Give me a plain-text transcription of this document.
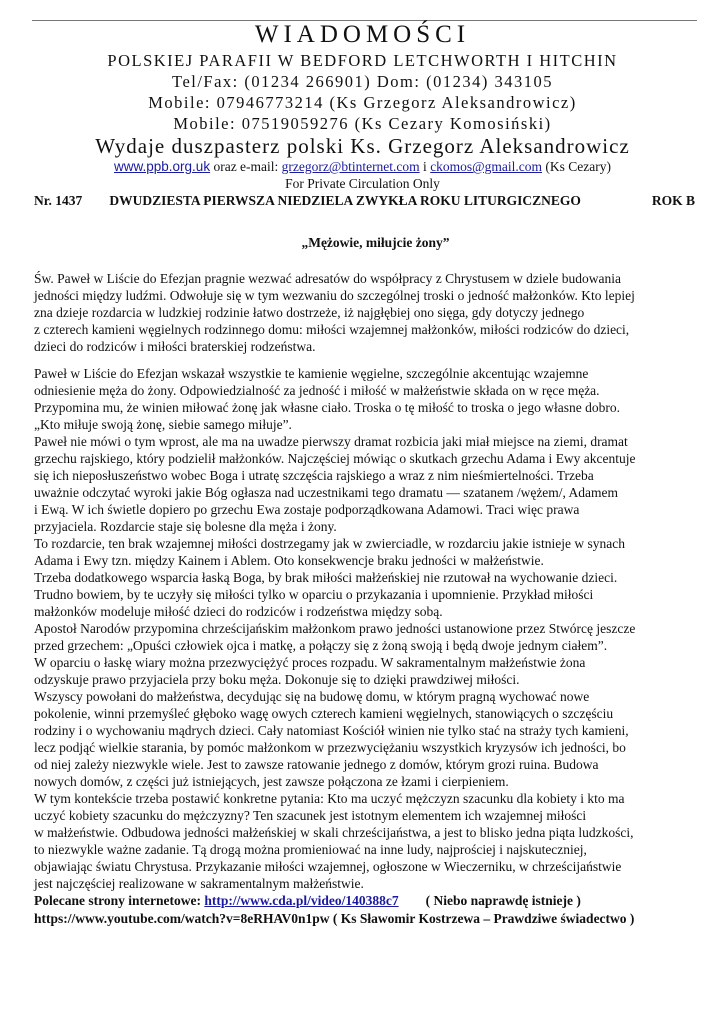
WIADOMOŚCI
POLSKIEJ PARAFII W BEDFORD LETCHWORTH I HITCHIN
Tel/Fax: (01234 266901) Dom: (01234) 343105
Mobile: 07946773214 (Ks Grzegorz Aleksandrowicz)
Mobile: 07519059276 (Ks Cezary Komosiński)
Wydaje duszpasterz polski Ks. Grzegorz Aleksandrowicz
www.ppb.org.uk oraz e-mail: grzegorz@btinternet.com i ckomos@gmail.com (Ks Cezary)
For Private Circulation Only
Nr. 1437 DWUDZIESTA PIERWSZA NIEDZIELA ZWYKŁA ROKU LITURGICZNEGO	ROK B
„Mężowie, miłujcie żony”

Św. Paweł w Liście do Efezjan pragnie wezwać adresatów do współpracy z Chrystusem w dziele budowania

jedności między ludźmi. Odwołuje się w tym wezwaniu do szczególnej troski o jedność małżonków. Kto lepiej

zna dzieje rozdarcia w ludzkiej rodzinie łatwo dostrzeże, iż najgłębiej ono sięga, gdy dotyczy jednego

z czterech kamieni węgielnych rodzinnego domu: miłości wzajemnej małżonków, miłości rodziców do dzieci,

dzieci do rodziców i miłości braterskiej rodzeństwa.

Paweł w Liście do Efezjan wskazał wszystkie te kamienie węgielne, szczególnie akcentując wzajemne

odniesienie męża do żony. Odpowiedzialność za jedność i miłość w małżeństwie składa on w ręce męża.

Przypomina mu, że winien miłować żonę jak własne ciało. Troska o tę miłość to troska o jego własne dobro.

„Kto miłuje swoją żonę, siebie samego miłuje”.

Paweł nie mówi o tym wprost, ale ma na uwadze pierwszy dramat rozbicia jaki miał miejsce na ziemi, dramat

grzechu rajskiego, który podzielił małżonków. Najczęściej mówiąc o skutkach grzechu Adama i Ewy akcentuje

się ich nieposłuszeństwo wobec Boga i utratę szczęścia rajskiego a wraz z nim nieśmiertelności. Trzeba

uważnie odczytać wyroki jakie Bóg ogłasza nad uczestnikami tego dramatu — szatanem /wężem/, Adamem

i Ewą. W ich świetle dopiero po grzechu Ewa zostaje podporządkowana Adamowi. Traci więc prawa

przyjaciela. Rozdarcie staje się bolesne dla męża i żony.

To rozdarcie, ten brak wzajemnej miłości dostrzegamy jak w zwierciadle, w rozdarciu jakie istnieje w synach

Adama i Ewy tzn. między Kainem i Ablem. Oto konsekwencje braku jedności w małżeństwie.

Trzeba dodatkowego wsparcia łaską Boga, by brak miłości małżeńskiej nie rzutował na wychowanie dzieci.

Trudno bowiem, by te uczyły się miłości tylko w oparciu o przykazania i upomnienie. Przykład miłości

małżonków modeluje miłość dzieci do rodziców i rodzeństwa między sobą.

Apostoł Narodów przypomina chrześcijańskim małżonkom prawo jedności ustanowione przez Stwórcę jeszcze

przed grzechem: „Opuści człowiek ojca i matkę, a połączy się z żoną swoją i będą dwoje jednym ciałem”.

W oparciu o łaskę wiary można przezwyciężyć proces rozpadu. W sakramentalnym małżeństwie żona

odzyskuje prawo przyjaciela przy boku męża. Dokonuje się to dzięki prawdziwej miłości.

Wszyscy powołani do małżeństwa, decydując się na budowę domu, w którym pragną wychować nowe

pokolenie, winni przemyśleć głęboko wagę owych czterech kamieni węgielnych, stanowiących o szczęściu

rodziny i o wychowaniu mądrych dzieci. Cały natomiast Kościół winien nie tylko stać na straży tych kamieni,

lecz podjąć wielkie starania, by pomóc małżonkom w przezwyciężaniu wszystkich kryzysów ich jedności, bo

od niej zależy niezwykle wiele. Jest to zawsze ratowanie jednego z domów, którym grozi ruina. Budowa

nowych domów, z części już istniejących, jest zawsze połączona ze łzami i cierpieniem.

W tym kontekście trzeba postawić konkretne pytania: Kto ma uczyć mężczyzn szacunku dla kobiety i kto ma

uczyć kobiety szacunku do mężczyzny? Ten szacunek jest istotnym elementem ich wzajemnej miłości

w małżeństwie. Odbudowa jedności małżeńskiej w skali chrześcijaństwa, a jest to blisko jedna piąta ludzkości,

to niezwykle ważne zadanie. Tą drogą można promieniować na inne ludy, najprościej i najskuteczniej,

objawiając światu Chrystusa. Przykazanie miłości wzajemnej, ogłoszone w Wieczerniku, w chrześcijaństwie

jest najczęściej realizowane w sakramentalnym małżeństwie.

Polecane strony internetowe: http://www.cda.pl/video/140388c7 ( Niebo naprawdę istnieje )
https://www.youtube.com/watch?v=8eRHAV0n1pw ( Ks Sławomir Kostrzewa – Prawdziwe świadectwo )
